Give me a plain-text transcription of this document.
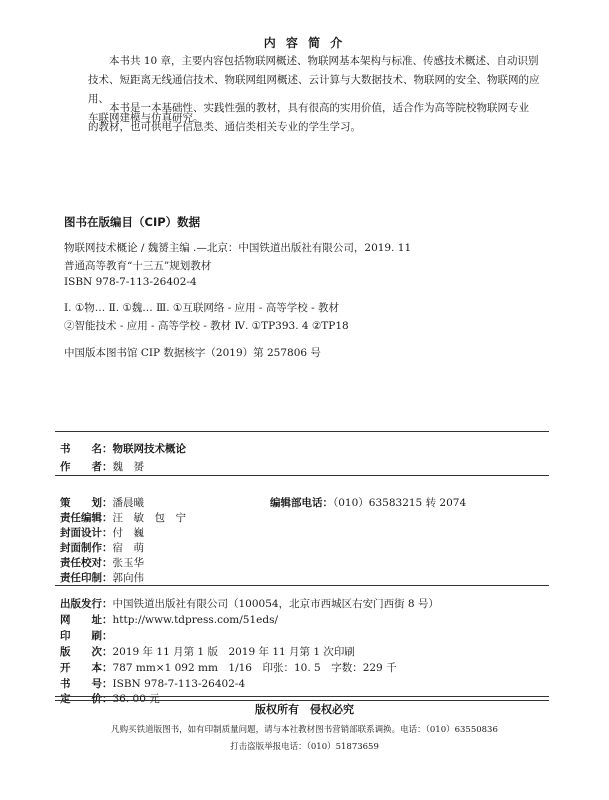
内 容 简 介
本书共 10 章，主要内容包括物联网概述、物联网基本架构与标准、传感技术概述、自动识别
技术、短距离无线通信技术、物联网组网概述、云计算与大数据技术、物联网的安全、物联网的应用、
车联网建模与仿真研究。
本书是一本基础性、实践性强的教材，具有很高的实用价值，适合作为高等院校物联网专业
的教材，也可供电子信息类、通信类相关专业的学生学习。
图书在版编目（CIP）数据
物联网技术概论 / 魏赟主编 .—北京：中国铁道出版社有限公司，2019. 11
普通高等教育“十三五”规划教材
ISBN 978-7-113-26402-4
Ⅰ. ①物… Ⅱ. ①魏… Ⅲ. ①互联网络 - 应用 - 高等学校 - 教材
②智能技术 - 应用 - 高等学校 - 教材 Ⅳ. ①TP393. 4 ②TP18
中国版本图书馆 CIP 数据核字（2019）第 257806 号
书　　名：物联网技术概论
作　　者：魏　赟
策　　划：潘晨曦
责任编辑：汪　敏　包　宁
封面设计：付　巍
封面制作：宿　萌
责任校对：张玉华
责任印制：郭向伟
编辑部电话：（010）63583215 转 2074
出版发行：中国铁道出版社有限公司（100054，北京市西城区右安门西街 8 号）
网　　址：http://www.tdpress.com/51eds/
印　　刷：
版　　次：2019 年 11 月第 1 版　2019 年 11 月第 1 次印刷
开　　本：787 mm×1 092 mm　1/16　印张：10. 5　字数：229 千
书　　号：ISBN 978-7-113-26402-4
定　　价：36. 00 元
版权所有　侵权必究
凡购买铁道版图书，如有印制质量问题，请与本社教材图书营销部联系调换。电话：（010）63550836
打击盗版举报电话：（010）51873659
